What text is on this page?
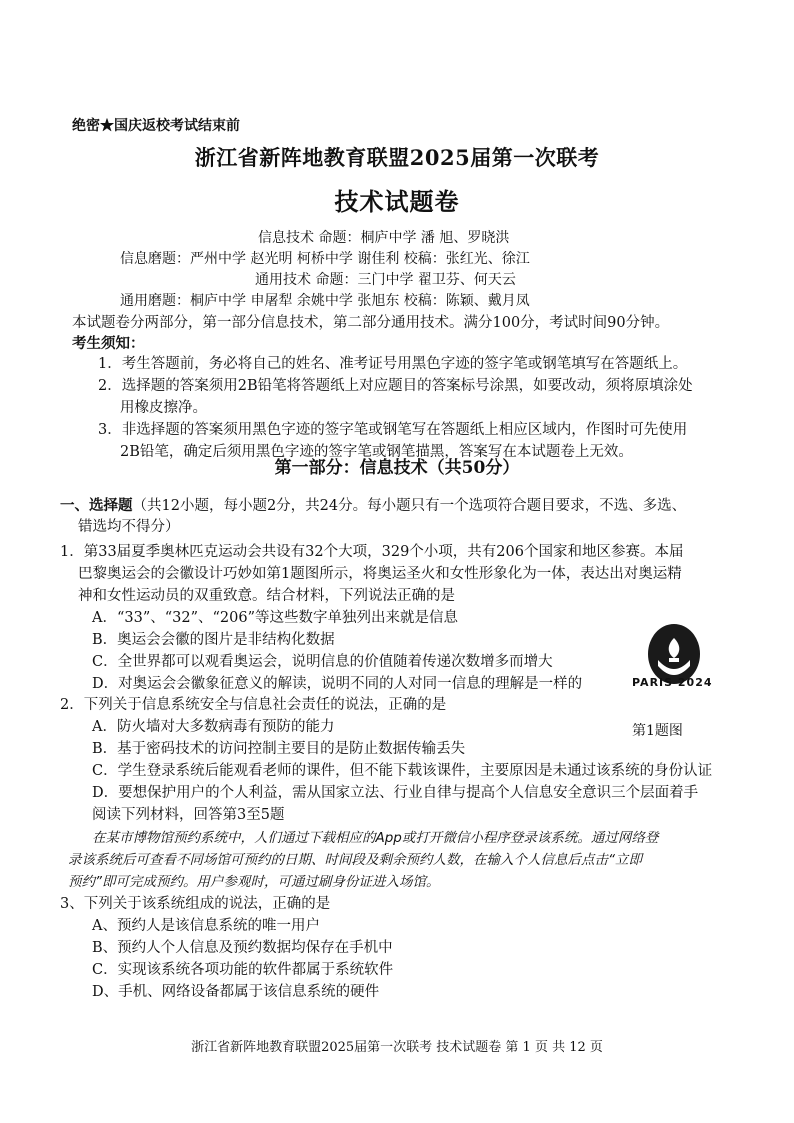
绝密★国庆返校考试结束前
浙江省新阵地教育联盟2025届第一次联考
技术试题卷
信息技术 命题：桐庐中学 潘 旭、罗晓洪
信息磨题：严州中学 赵光明 柯桥中学 谢佳利 校稿：张红光、徐江
通用技术 命题：三门中学 翟卫芬、何天云
通用磨题：桐庐中学 申屠犁 余姚中学 张旭东 校稿：陈颖、戴月凤
本试题卷分两部分，第一部分信息技术，第二部分通用技术。满分100分，考试时间90分钟。
考生须知：
1．考生答题前，务必将自己的姓名、准考证号用黑色字迹的签字笔或钢笔填写在答题纸上。
2．选择题的答案须用2B铅笔将答题纸上对应题目的答案标号涂黑，如要改动，须将原填涂处
用橡皮擦净。
3．非选择题的答案须用黑色字迹的签字笔或钢笔写在答题纸上相应区域内，作图时可先使用
2B铅笔，确定后须用黑色字迹的签字笔或钢笔描黑，答案写在本试题卷上无效。
第一部分：信息技术（共50分）
一、选择题（共12小题，每小题2分，共24分。每小题只有一个选项符合题目要求，不选、多选、
错选均不得分）
1．第33届夏季奥林匹克运动会共设有32个大项，329个小项，共有206个国家和地区参赛。本届
巴黎奥运会的会徽设计巧妙如第1题图所示，将奥运圣火和女性形象化为一体，表达出对奥运精
神和女性运动员的双重致意。结合材料，下列说法正确的是
A．“33”、“32”、“206”等这些数字单独列出来就是信息
B．奥运会会徽的图片是非结构化数据
C．全世界都可以观看奥运会，说明信息的价值随着传递次数增多而增大
D．对奥运会会徽象征意义的解读，说明不同的人对同一信息的理解是一样的	PARIS 2024
第1题图
2．下列关于信息系统安全与信息社会责任的说法，正确的是
A．防火墙对大多数病毒有预防的能力
B．基于密码技术的访问控制主要目的是防止数据传输丢失
C．学生登录系统后能观看老师的课件，但不能下载该课件，主要原因是未通过该系统的身份认证
D．要想保护用户的个人利益，需从国家立法、行业自律与提高个人信息安全意识三个层面着手
阅读下列材料，回答第3至5题
在某市博物馆预约系统中，人们通过下载相应的App或打开微信小程序登录该系统。通过网络登
录该系统后可查看不同场馆可预约的日期、时间段及剩余预约人数，在输入个人信息后点击“立即
预约”即可完成预约。用户参观时，可通过刷身份证进入场馆。
3、下列关于该系统组成的说法，正确的是
A、预约人是该信息系统的唯一用户
B、预约人个人信息及预约数据均保存在手机中
C．实现该系统各项功能的软件都属于系统软件
D、手机、网络设备都属于该信息系统的硬件
浙江省新阵地教育联盟2025届第一次联考 技术试题卷 第 1 页 共 12 页
